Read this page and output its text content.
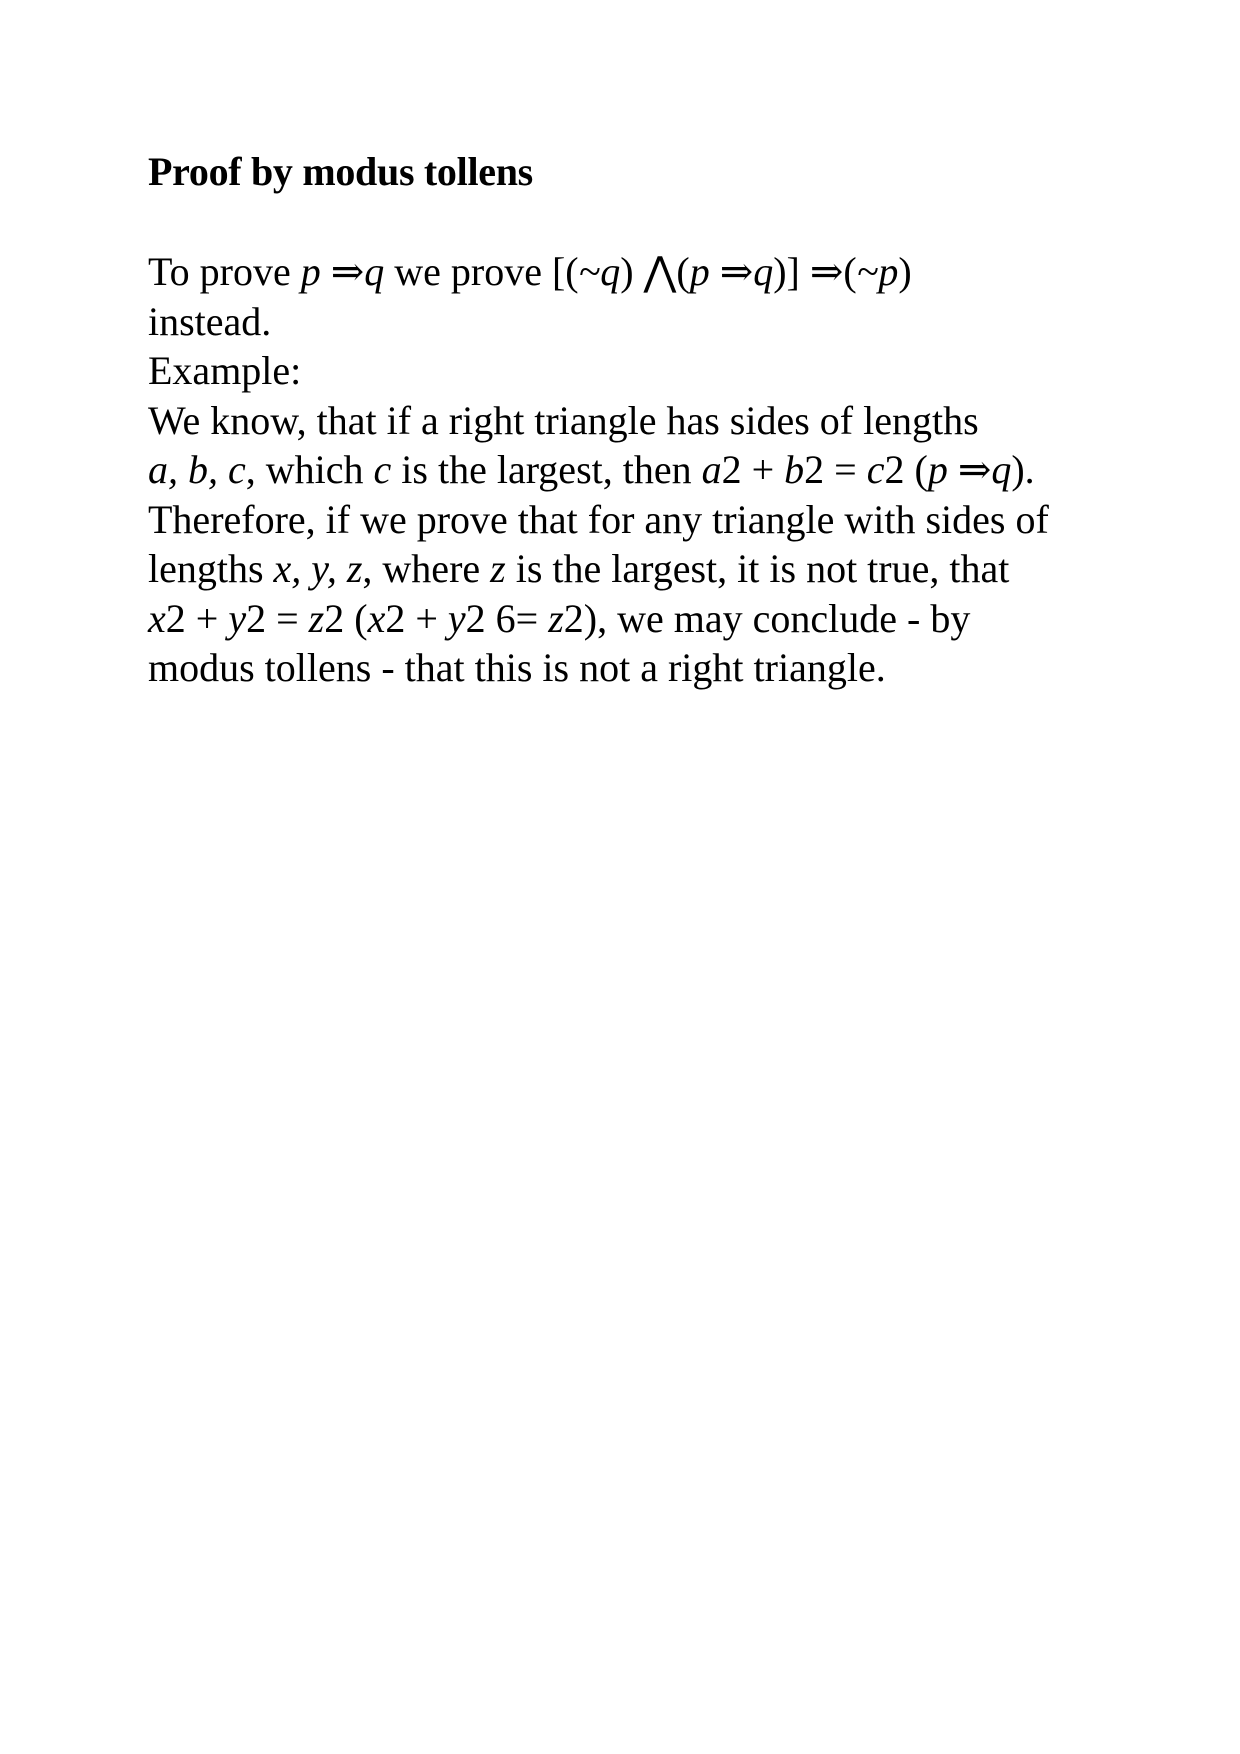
Proof by modus tollens
To prove p ⇒q we prove [(~q) ⋀(p ⇒q)] ⇒(~p)
instead.
Example:
We know, that if a right triangle has sides of lengths
a, b, c, which c is the largest, then a2 + b2 = c2 (p ⇒q).
Therefore, if we prove that for any triangle with sides of
lengths x, y, z, where z is the largest, it is not true, that
x2 + y2 = z2 (x2 + y2 6= z2), we may conclude - by
modus tollens - that this is not a right triangle.
